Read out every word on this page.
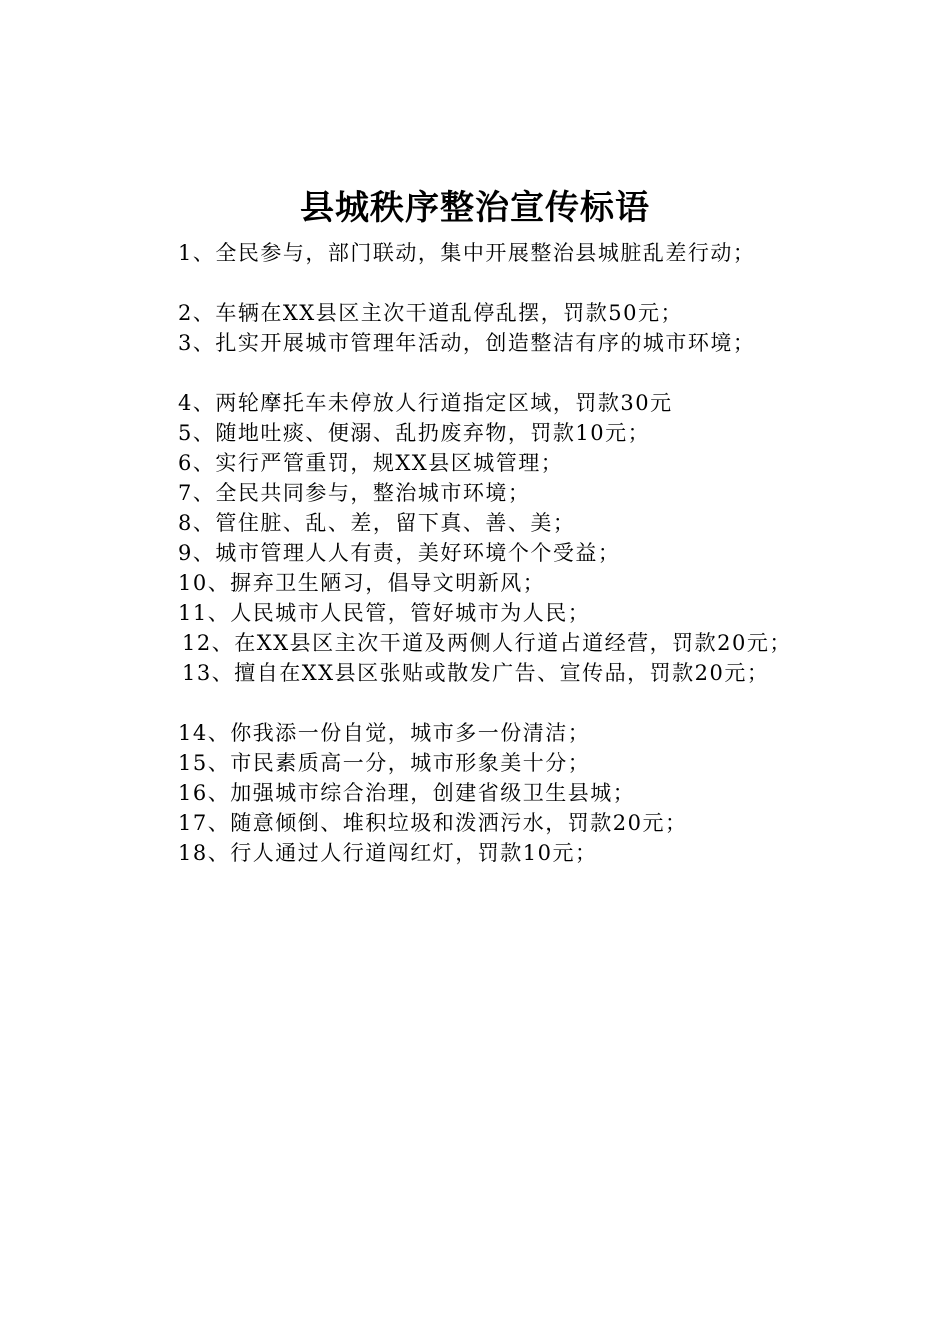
县城秩序整治宣传标语
1、全民参与，部门联动，集中开展整治县城脏乱差行动；
2、车辆在XX县区主次干道乱停乱摆，罚款50元；
3、扎实开展城市管理年活动，创造整洁有序的城市环境；
4、两轮摩托车未停放人行道指定区域，罚款30元
5、随地吐痰、便溺、乱扔废弃物，罚款10元；
6、实行严管重罚，规XX县区城管理；
7、全民共同参与，整治城市环境；
8、管住脏、乱、差，留下真、善、美；
9、城市管理人人有责，美好环境个个受益；
10、摒弃卫生陋习，倡导文明新风；
11、人民城市人民管，管好城市为人民；
12、在XX县区主次干道及两侧人行道占道经营，罚款20元；
13、擅自在XX县区张贴或散发广告、宣传品，罚款20元；
14、你我添一份自觉，城市多一份清洁；
15、市民素质高一分，城市形象美十分；
16、加强城市综合治理，创建省级卫生县城；
17、随意倾倒、堆积垃圾和泼洒污水，罚款20元；
18、行人通过人行道闯红灯，罚款10元；
